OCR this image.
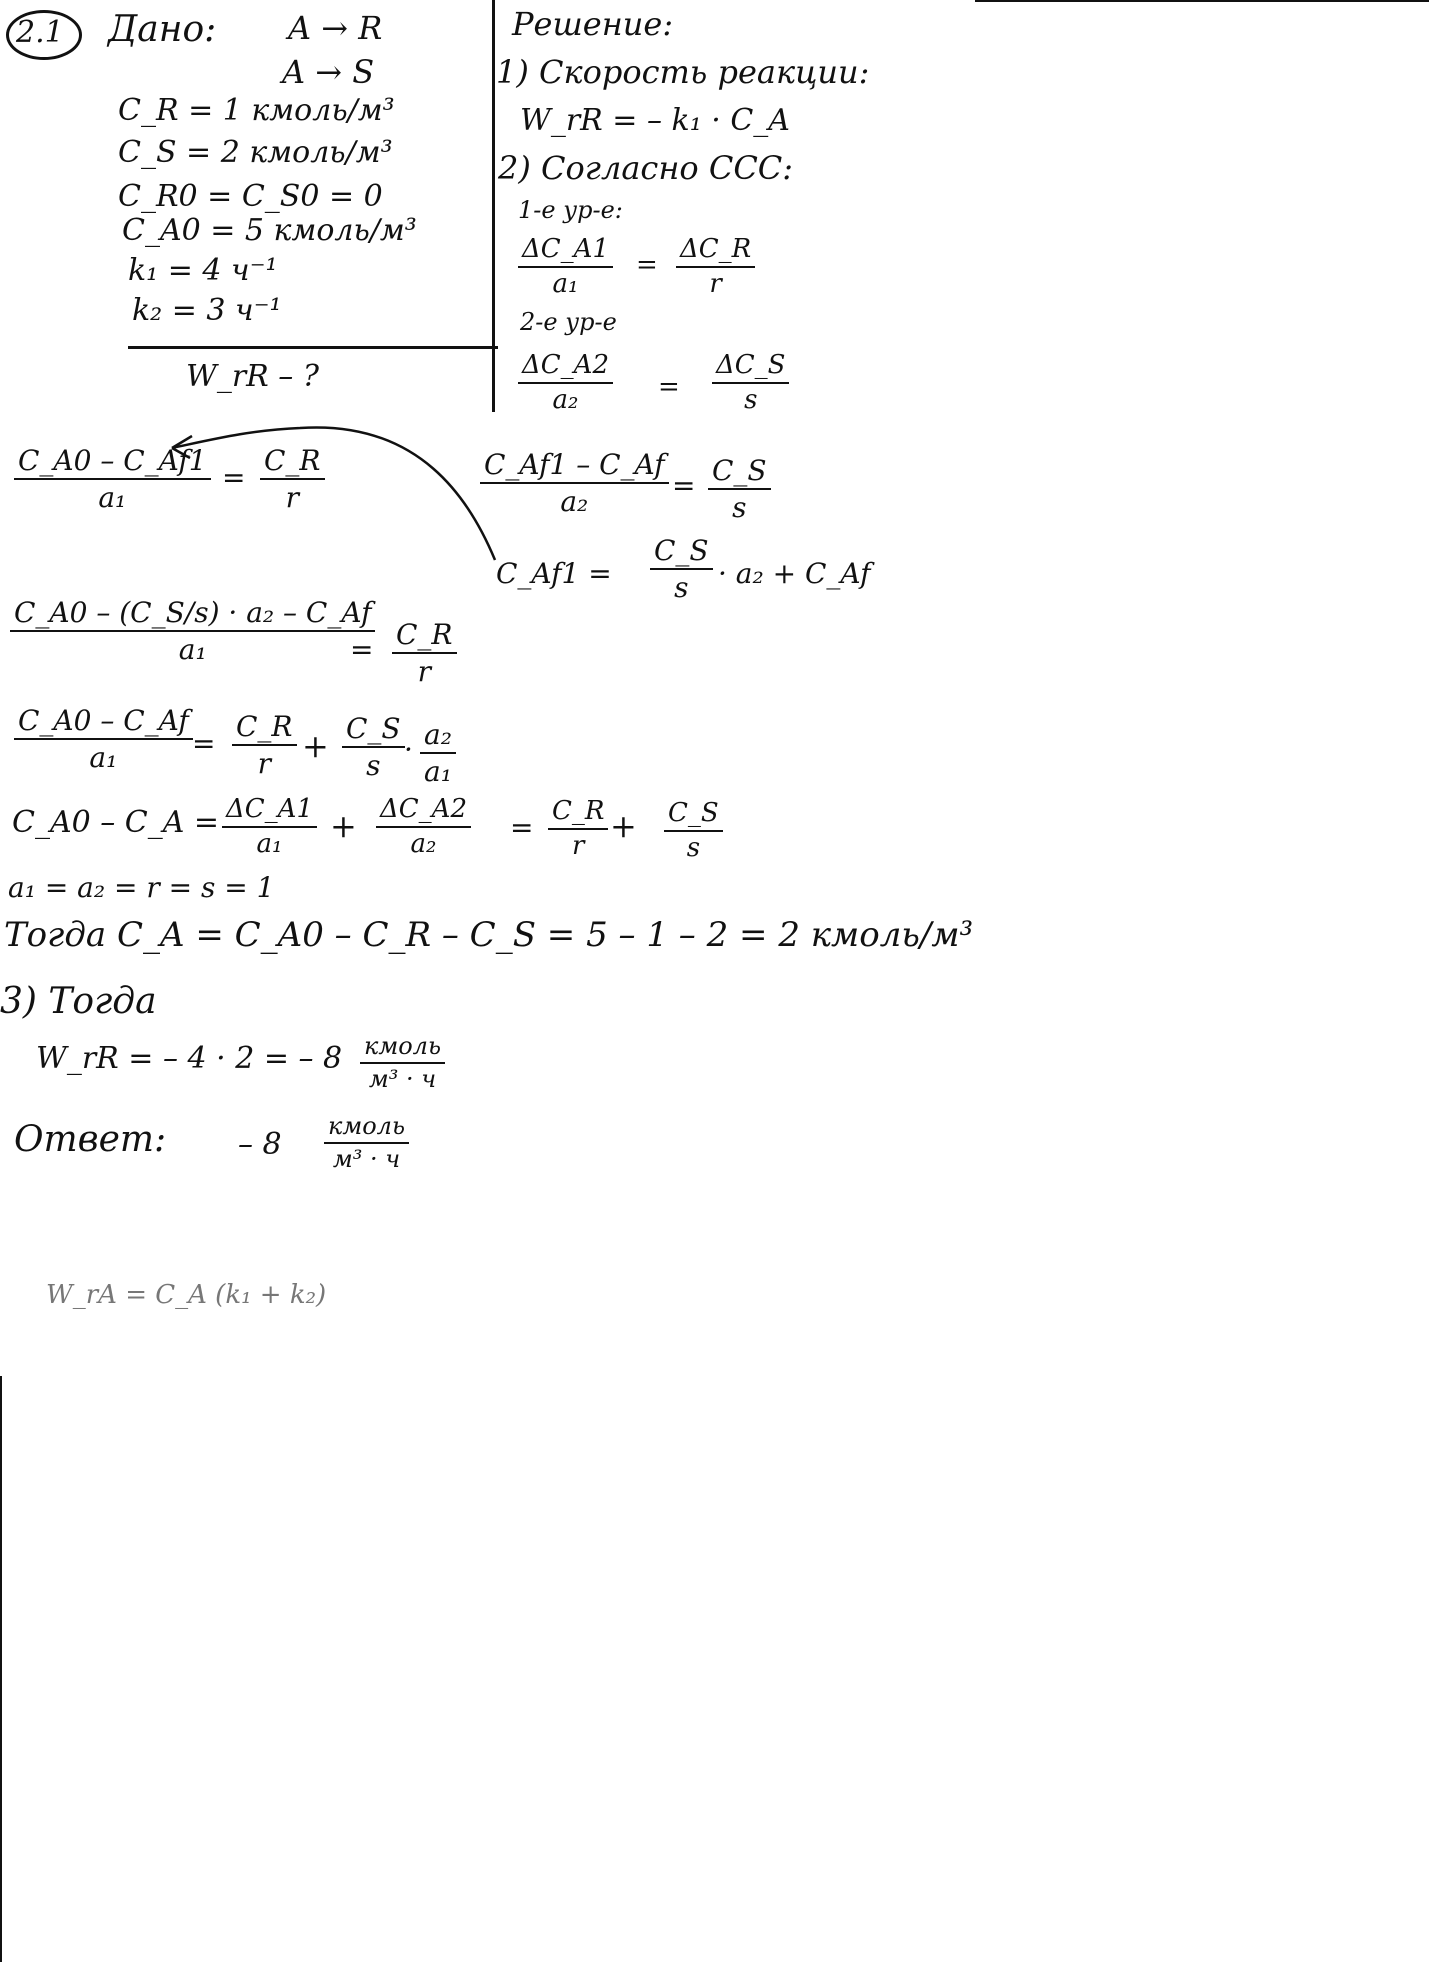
2.1 Дано: A → R
A → S
C_R = 1 кмоль/м³
C_S = 2 кмоль/м³
C_R0 = C_S0 = 0
C_A0 = 5 кмоль/м³
k₁ = 4 ч⁻¹
k₂ = 3 ч⁻¹
W_rR – ?
Решение:
1) Скорость реакции:
W_rR = – k₁ · C_A
2) Согласно CCC:
1-е ур-е:
ΔC_A1
a₁
=
ΔC_R
r
2-е ур-е
ΔC_A2
a₂	=
ΔC_S
s
C_A0 – C_Af1
a₁
=
C_R
r
C_Af1 – C_Af
a₂	= C_S
s
C_Af1 =
C_S
s · a₂ + C_Af
C_A0 – (C_S/s) · a₂ – C_Af
a₁	= C_R
r
C_A0 – C_Af
a₁	=
C_R
r + C_S
s · a₂
a₁
C_A0 – C_A = ΔC_A1
a₁ + ΔC_A2
a₂
= C_R
r
+ C_S
s
a₁ = a₂ = r = s = 1
Тогда C_A = C_A0 – C_R – C_S = 5 – 1 – 2 = 2 кмоль/м³
3) Тогда
W_rR = – 4 · 2 = – 8 кмоль
м³ · ч
Ответ: – 8
кмоль
м³ · ч
W_rA = C_A (k₁ + k₂)
